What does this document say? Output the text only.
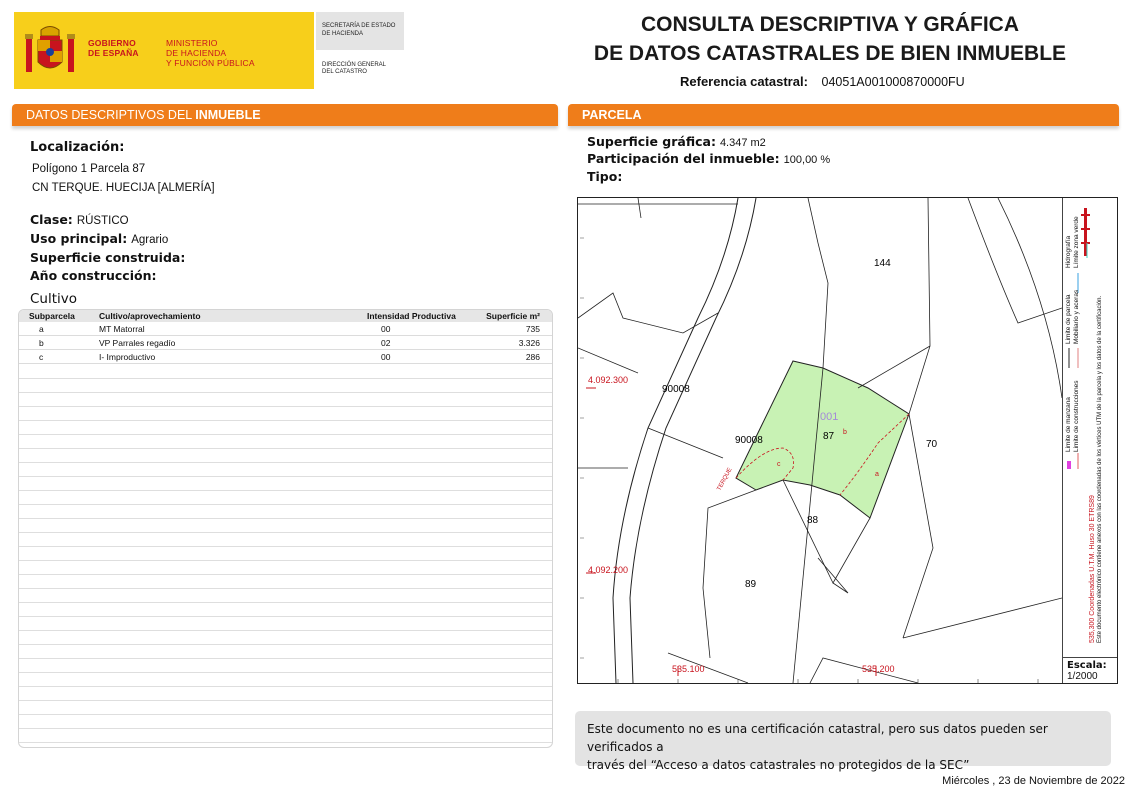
GOBIERNO
DE ESPAÑA
MINISTERIO
DE HACIENDA
Y FUNCIÓN PÚBLICA
SECRETARÍA DE ESTADO
DE HACIENDA
DIRECCIÓN GENERAL
DEL CATASTRO
CONSULTA DESCRIPTIVA Y GRÁFICA
DE DATOS CATASTRALES DE BIEN INMUEBLE
Referencia catastral: 04051A001000870000FU
DATOS DESCRIPTIVOS DEL INMUEBLE
Localización:
Polígono 1 Parcela 87
CN TERQUE. HUECIJA [ALMERÍA]
Clase: RÚSTICO
Uso principal: Agrario
Superficie construida:
Año construcción:
Cultivo
Subparcela	Cultivo/aprovechamiento	Intensidad Productiva	Superficie m²
a	MT Matorral	00	735
b	VP Parrales regadío	02	3.326
c	I- Improductivo	00	286
PARCELA
Superficie gráfica: 4.347 m2
Participación del inmueble: 100,00 %
Tipo:
144
90008
90008
001
87 b
a
c
70
88
89
TERQUE
4.092.300
4.092.200
535.100	535.200
Limite de parcela Mobiliario y aceras
Hidrografía Límite zona verde
Limite de manzana Limite de construcciones	Este documento electrónico contiene anexos con las coordenadas de los vértices UTM de la parcela y los datos de la certificación.
535,300 Coordenadas U.T.M. Huso 30 ETRS89
Escala:
1/2000
Este documento no es una certificación catastral, pero sus datos pueden ser verificados a
través del “Acceso a datos catastrales no protegidos de la SEC”
Miércoles , 23 de Noviembre de 2022
